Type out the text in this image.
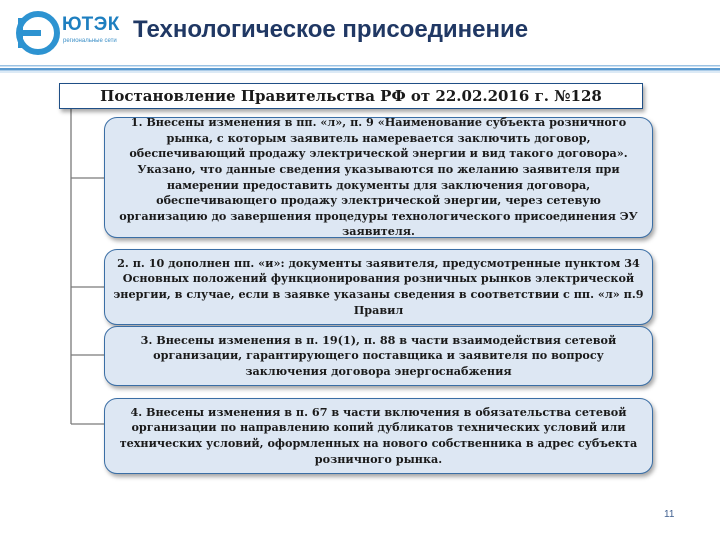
ЮТЭК
региональные сети Технологическое присоединение
Постановление Правительства РФ от 22.02.2016 г. №128
1. Внесены изменения в пп. «л», п. 9 «Наименование субъекта розничного рынка, с которым заявитель намеревается заключить договор, обеспечивающий продажу электрической энергии и вид такого договора». Указано, что данные сведения указываются по желанию заявителя при намерении предоставить документы для заключения договора, обеспечивающего продажу электрической энергии, через сетевую организацию до завершения процедуры технологического присоединения ЭУ заявителя.
2. п. 10 дополнен пп. «и»: документы заявителя, предусмотренные пунктом 34 Основных положений функционирования розничных рынков электрической энергии, в случае, если в заявке указаны сведения в соответствии с пп. «л» п.9 Правил
3. Внесены изменения в п. 19(1), п. 88 в части взаимодействия сетевой организации, гарантирующего поставщика и заявителя по вопросу заключения договора энергоснабжения
4. Внесены изменения в п. 67 в части включения в обязательства сетевой организации по направлению копий дубликатов технических условий или технических условий, оформленных на нового собственника в адрес субъекта розничного рынка.
11
